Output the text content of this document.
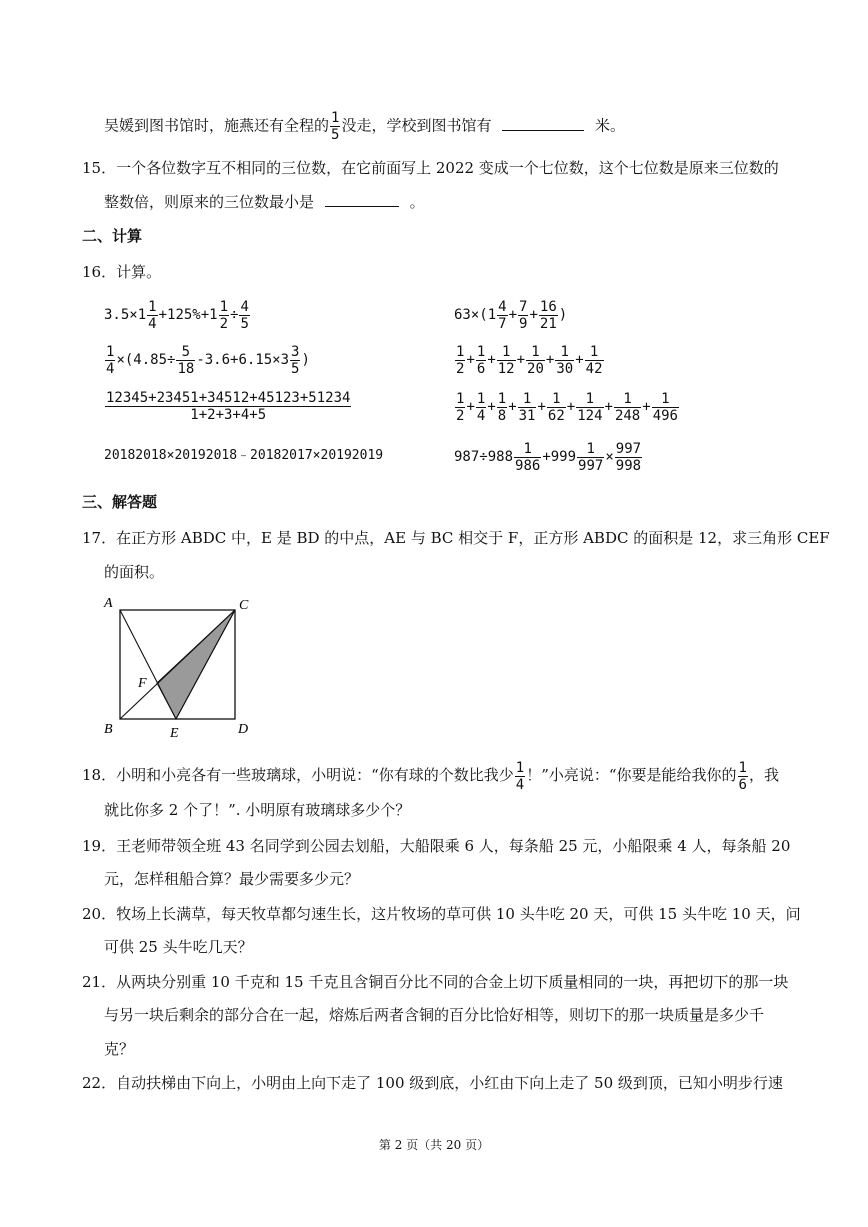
吴媛到图书馆时，施燕还有全程的 $\frac{1}{5}$ 没走，学校到图书馆有	米。
15．一个各位数字互不相同的三位数，在它前面写上 2022 变成一个七位数，这个七位数是原来三位数的
整数倍，则原来的三位数最小是	。
二、计算
16．计算。
$3.5\times 1 \frac{1}{4} +125\%+1 \frac{1}{2} \div \frac{4}{5}$	$63\times(1 \frac{4}{7} + \frac{7}{9} + \frac{16}{21}$ )
$\frac{1}{4} \times(4.85\div \frac{5}{18} -3.6+6.15\times 3 \frac{3}{5}$ )	$\frac{1}{2} + \frac{1}{6} + \frac{1}{12} + \frac{1}{20} + \frac{1}{30} + \frac{1}{42}$
$\frac{12345+23451+34512+45123+51234}{1+2+3+4+5}$	$\frac{1}{2} + \frac{1}{4} + \frac{1}{8} + \frac{1}{31} + \frac{1}{62} + \frac{1}{124} + \frac{1}{248} + \frac{1}{496}$
20182018×20192018﹣20182017×20192019	$987\div 988 \frac{1}{986} +999 \frac{1}{997} \times \frac{997}{998}$
三、解答题
17．在正方形 ABDC 中，E 是 BD 的中点，AE 与 BC 相交于 F，正方形 ABDC 的面积是 12，求三角形 CEF
的面积。
A	C
F
B	E	D
18．小明和小亮各有一些玻璃球，小明说：“你有球的个数比我少 $\frac{1}{4}$ ！”小亮说：“你要是能给我你的 $\frac{1}{6}$ ，我
就比你多 2 个了！”. 小明原有玻璃球多少个？
19．王老师带领全班 43 名同学到公园去划船，大船限乘 6 人，每条船 25 元，小船限乘 4 人，每条船 20
元，怎样租船合算？最少需要多少元？
20．牧场上长满草，每天牧草都匀速生长，这片牧场的草可供 10 头牛吃 20 天，可供 15 头牛吃 10 天，问
可供 25 头牛吃几天？
21．从两块分别重 10 千克和 15 千克且含铜百分比不同的合金上切下质量相同的一块，再把切下的那一块
与另一块后剩余的部分合在一起，熔炼后两者含铜的百分比恰好相等，则切下的那一块质量是多少千
克？
22．自动扶梯由下向上，小明由上向下走了 100 级到底，小红由下向上走了 50 级到顶，已知小明步行速
第 2 页（共 20 页）
